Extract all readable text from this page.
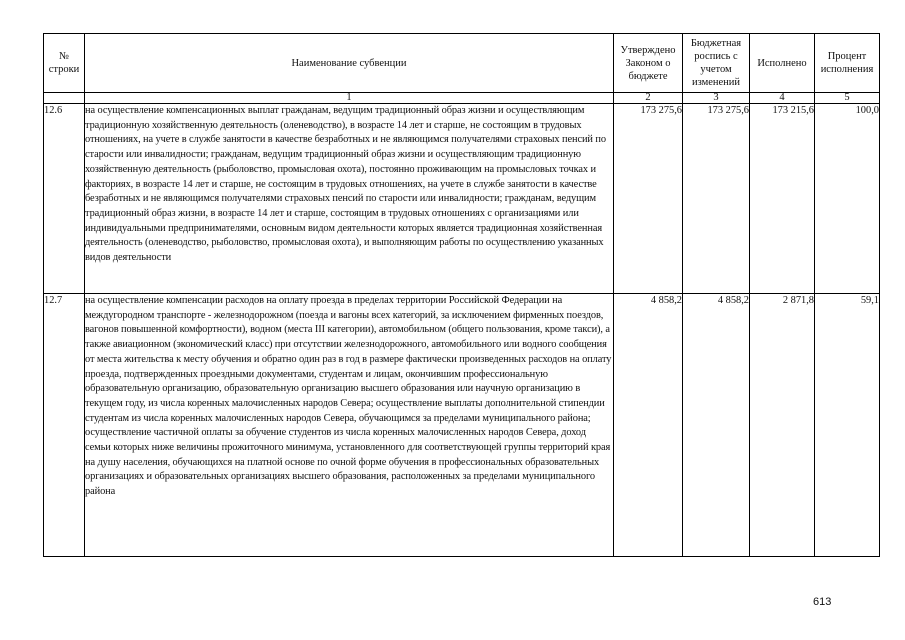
№ строки	Наименование субвенции	Утверждено Законом о бюджете	Бюджетная роспись с учетом изменений	Исполнено	Процент исполнения
	1	2	3	4	5
12.6	на осуществление компенсационных выплат гражданам, ведущим традиционный образ жизни и осуществляющим традиционную хозяйственную деятельность (оленеводство), в возрасте 14 лет и старше, не состоящим в трудовых отношениях, на учете в службе занятости в качестве безработных и не являющимся получателями страховых пенсий по старости или инвалидности; гражданам, ведущим традиционный образ жизни и осуществляющим традиционную хозяйственную деятельность (рыболовство, промысловая охота), постоянно проживающим на промысловых точках и факториях, в возрасте 14 лет и старше, не состоящим в трудовых отношениях, на учете в службе занятости в качестве безработных и не являющимся получателями страховых пенсий по старости или инвалидности; гражданам, ведущим традиционный образ жизни, в возрасте 14 лет и старше, состоящим в трудовых отношениях с организациями или индивидуальными предпринимателями, основным видом деятельности которых является традиционная хозяйственная деятельность (оленеводство, рыболовство, промысловая охота), и выполняющим работы по осуществлению указанных видов деятельности	173 275,6	173 275,6	173 215,6	100,0
12.7	на осуществление компенсации расходов на оплату проезда в пределах территории Российской Федерации на междугородном транспорте - железнодорожном (поезда и вагоны всех категорий, за исключением фирменных поездов, вагонов повышенной комфортности), водном (места III категории), автомобильном (общего пользования, кроме такси), а также авиационном (экономический класс) при отсутствии железнодорожного, автомобильного или водного сообщения от места жительства к месту обучения и обратно один раз в год в размере фактически произведенных расходов на оплату проезда, подтвержденных проездными документами, студентам и лицам, окончившим профессиональную образовательную организацию, образовательную организацию высшего образования или научную организацию в текущем году, из числа коренных малочисленных народов Севера; осуществление выплаты дополнительной стипендии студентам из числа коренных малочисленных народов Севера, обучающимся за пределами муниципального района; осуществление частичной оплаты за обучение студентов из числа коренных малочисленных народов Севера, доход семьи которых ниже величины прожиточного минимума, установленного для соответствующей группы территорий края на душу населения, обучающихся на платной основе по очной форме обучения в профессиональных образовательных организациях и образовательных организациях высшего образования, расположенных за пределами муниципального района	4 858,2	4 858,2	2 871,8	59,1
613
